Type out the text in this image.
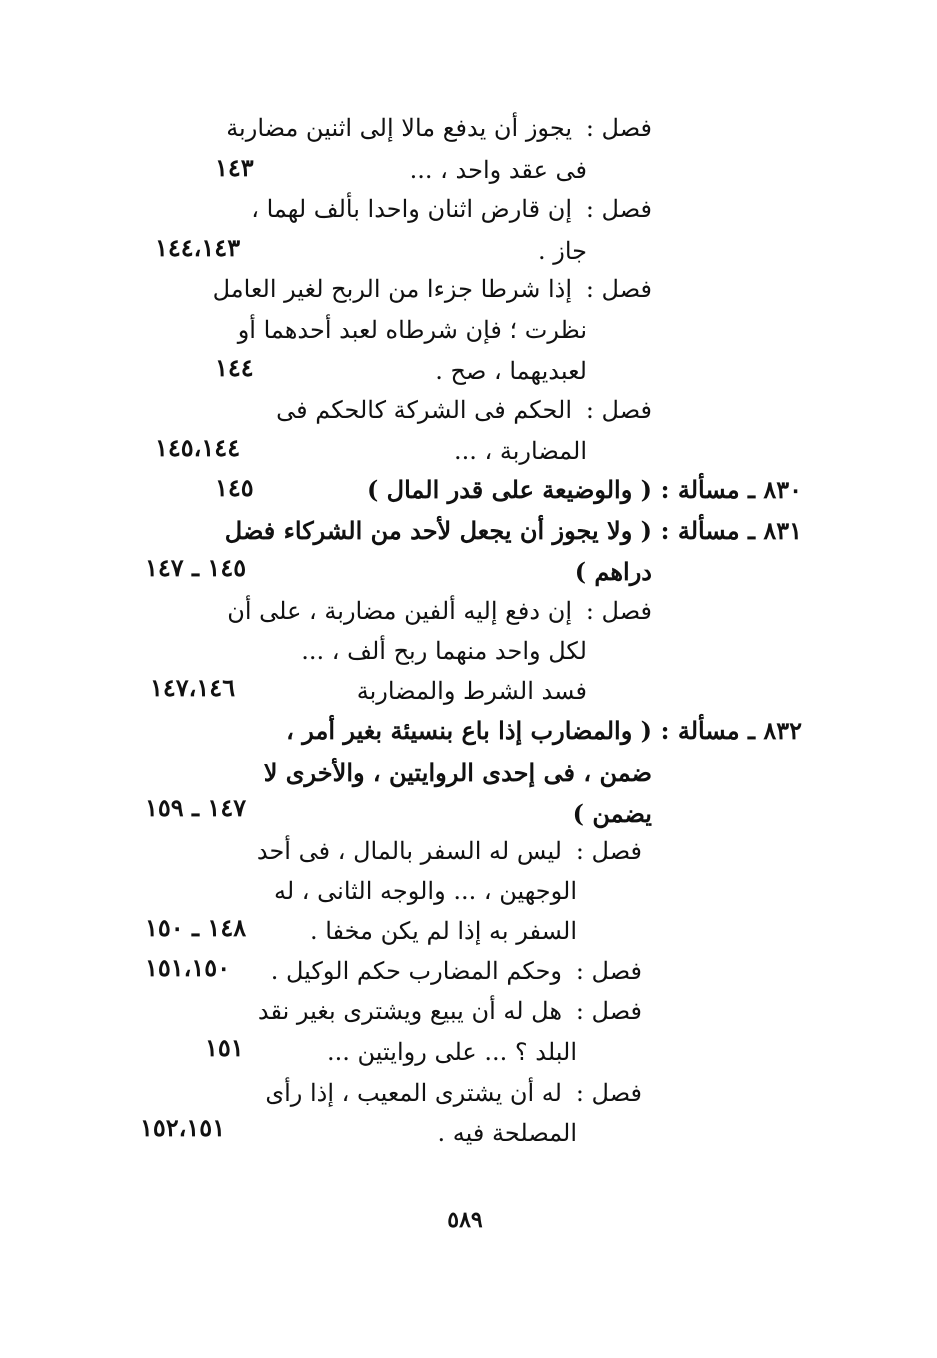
فصل :
يجوز أن يدفع مالا إلى اثنين مضاربة
فى عقد واحد ، ...
١٤٣
فصل :
إن قارض اثنان واحدا بألف لهما ،
جاز .
١٤٤،١٤٣
فصل :
إذا شرطا جزءا من الربح لغير العامل
نظرت ؛ فإن شرطاه لعبد أحدهما أو
لعبديهما ، صح .
١٤٤
فصل :
الحكم فى الشركة كالحكم فى
المضاربة ، ...
١٤٥،١٤٤
٨٣٠ ـ مسألة :
( والوضيعة على قدر المال )
١٤٥
٨٣١ ـ مسألة :
( ولا يجوز أن يجعل لأحد من الشركاء فضل
دراهم )
١٤٥ ـ ١٤٧
فصل :
إن دفع إليه ألفين مضاربة ، على أن
لكل واحد منهما ربح ألف ، ...
فسد الشرط والمضاربة
١٤٧،١٤٦
٨٣٢ ـ مسألة :
( والمضارب إذا باع بنسيئة بغير أمر ،
ضمن ، فى إحدى الروايتين ، والأخرى لا
يضمن )
١٤٧ ـ ١٥٩
فصل :
ليس له السفر بالمال ، فى أحد
الوجهين ، ... والوجه الثانى ، له
السفر به إذا لم يكن مخفا .
١٤٨ ـ ١٥٠
فصل :
وحكم المضارب حكم الوكيل .
١٥١،١٥٠
فصل :
هل له أن يبيع ويشترى بغير نقد
البلد ؟ ... على روايتين ...
١٥١
فصل :
له أن يشترى المعيب ، إذا رأى
المصلحة فيه .
١٥٢،١٥١
٥٨٩
